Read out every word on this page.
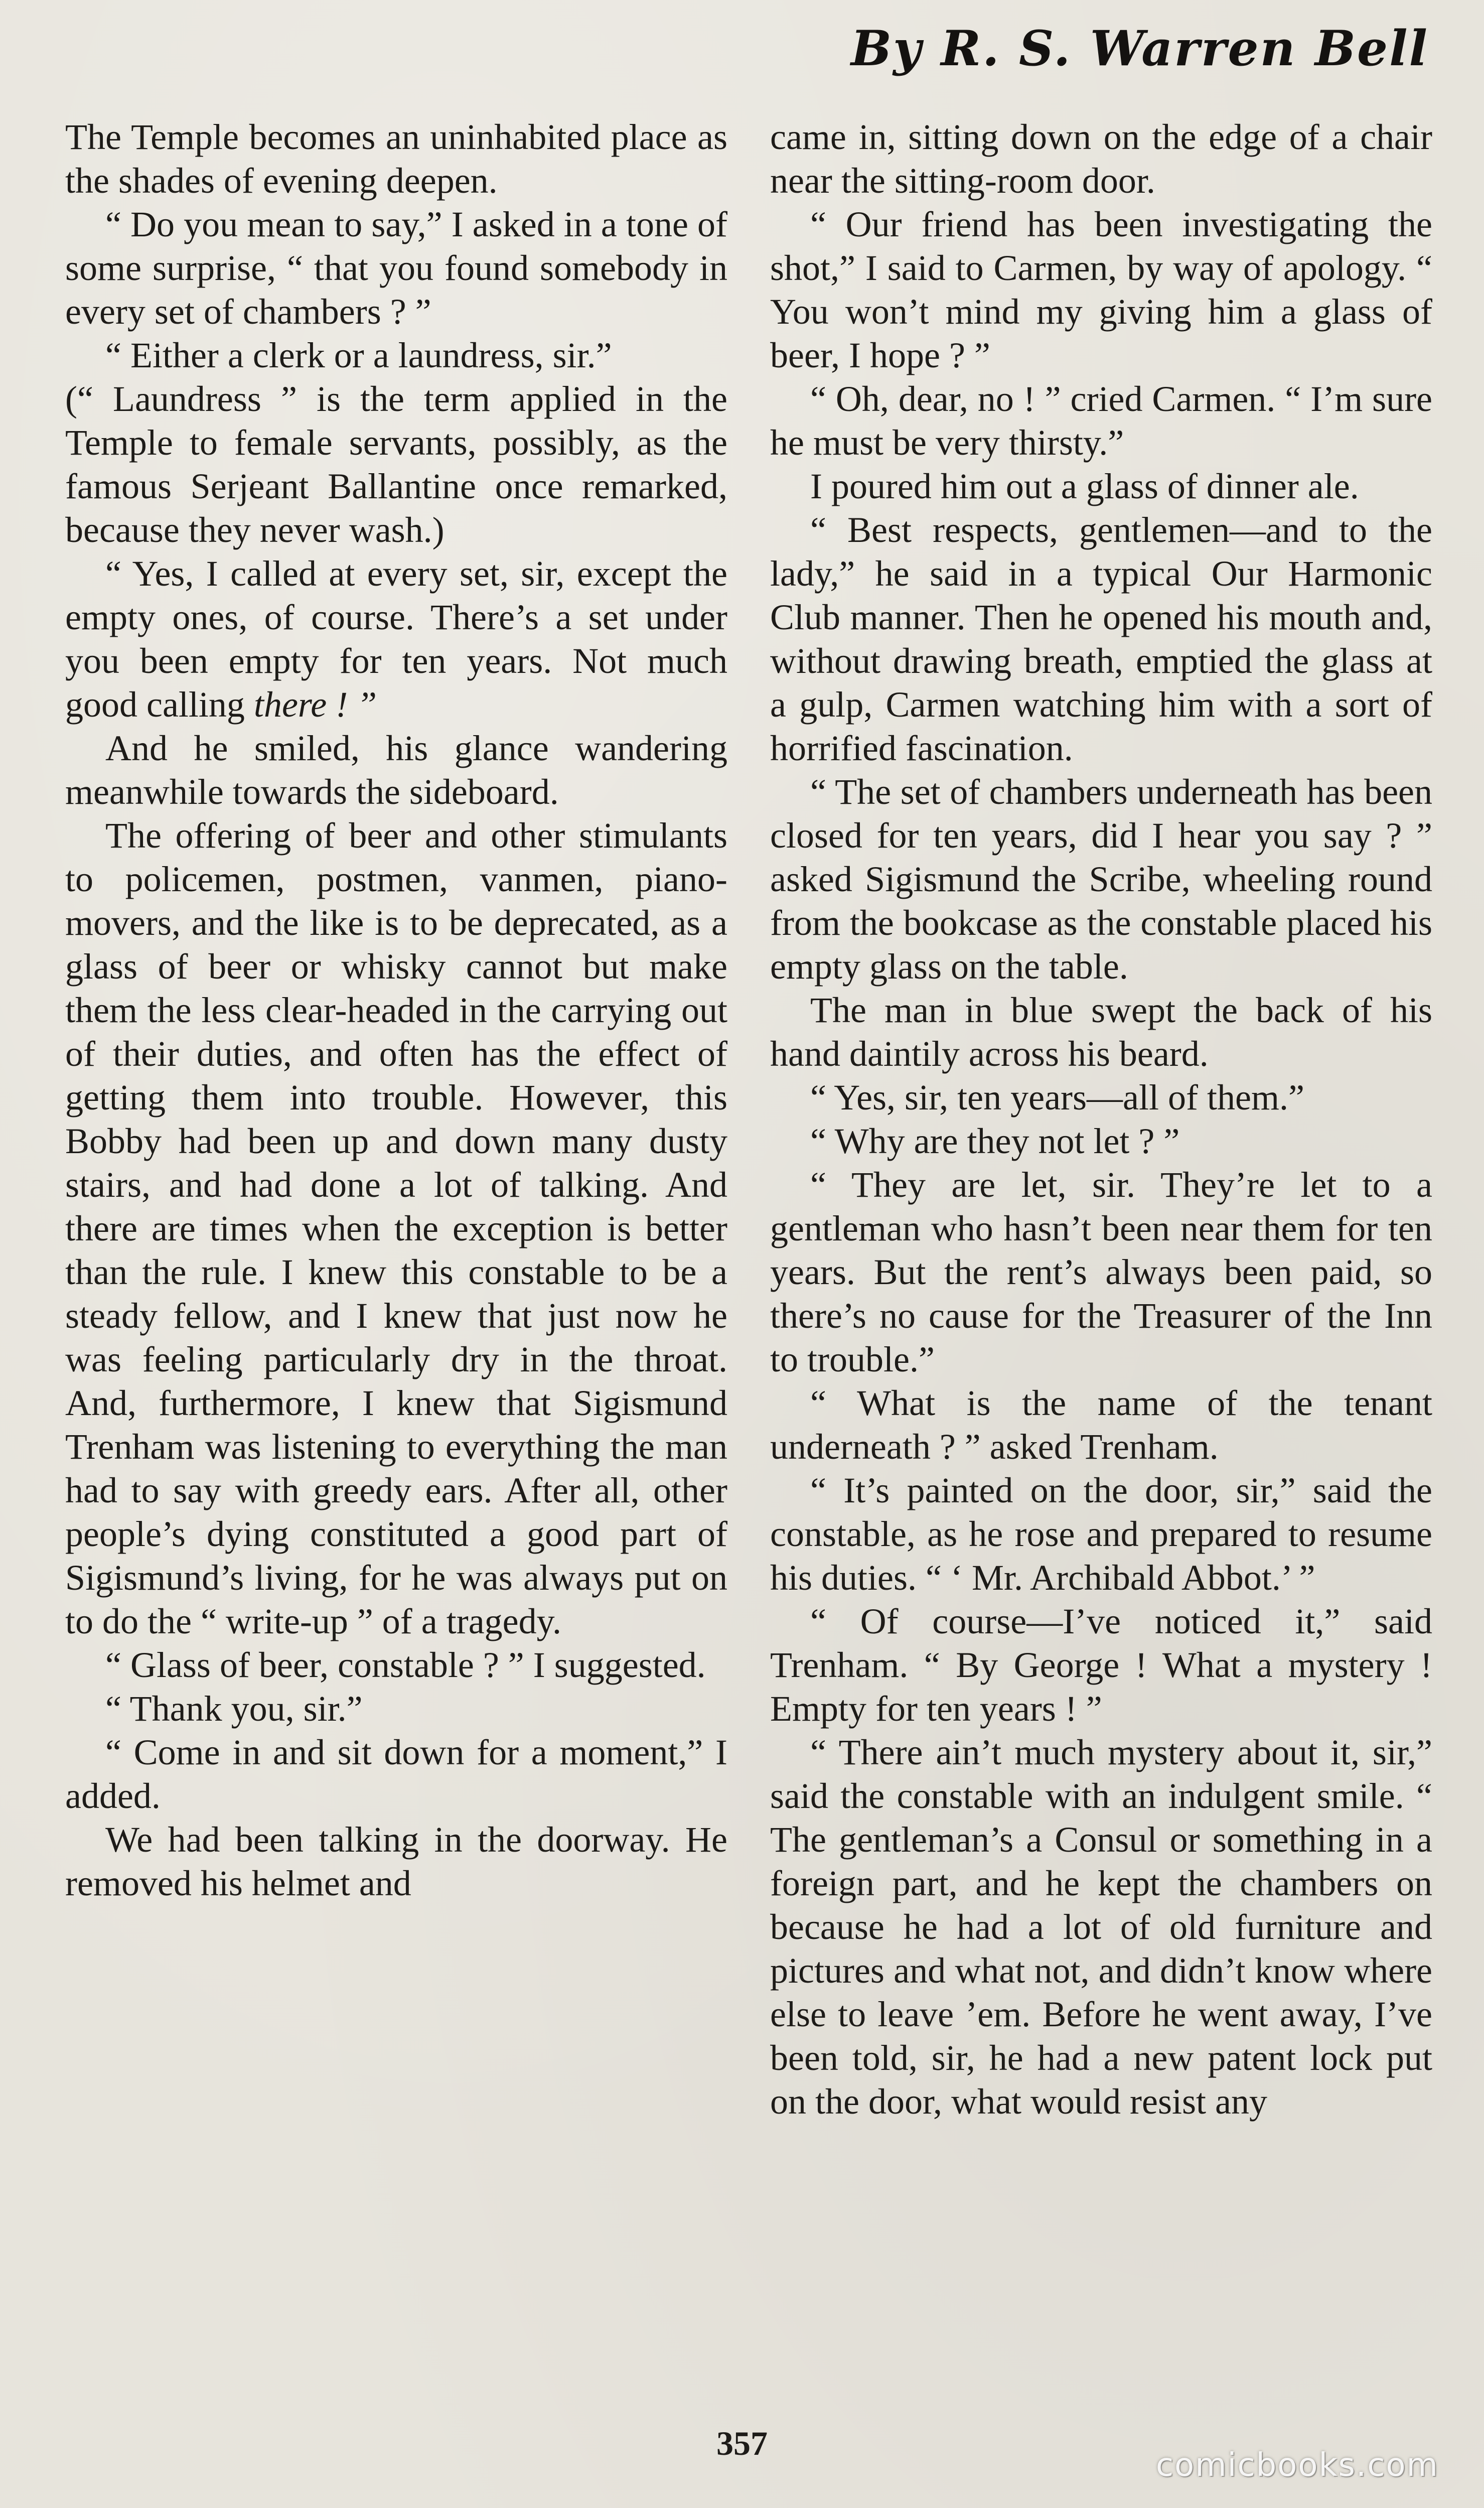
By R. S. Warren Bell

The Temple becomes an uninhabited place as the shades of evening deepen.

“ Do you mean to say,” I asked in a tone of some surprise, “ that you found somebody in every set of chambers ? ”

“ Either a clerk or a laundress, sir.”

(“ Laundress ” is the term applied in the Temple to female servants, possibly, as the famous Serjeant Ballantine once remarked, because they never wash.)

“ Yes, I called at every set, sir, except the empty ones, of course. There’s a set under you been empty for ten years. Not much good calling there ! ”

And he smiled, his glance wandering meanwhile towards the sideboard.

The offering of beer and other stimulants to policemen, postmen, vanmen, piano-movers, and the like is to be deprecated, as a glass of beer or whisky cannot but make them the less clear-headed in the carrying out of their duties, and often has the effect of getting them into trouble. However, this Bobby had been up and down many dusty stairs, and had done a lot of talking. And there are times when the exception is better than the rule. I knew this constable to be a steady fellow, and I knew that just now he was feeling particularly dry in the throat. And, furthermore, I knew that Sigismund Trenham was listening to everything the man had to say with greedy ears. After all, other people’s dying constituted a good part of Sigismund’s living, for he was always put on to do the “ write-up ” of a tragedy.

“ Glass of beer, constable ? ” I suggested.

“ Thank you, sir.”

“ Come in and sit down for a moment,” I added.

We had been talking in the doorway. He removed his helmet and

came in, sitting down on the edge of a chair near the sitting-room door.

“ Our friend has been investigating the shot,” I said to Carmen, by way of apology. “ You won’t mind my giving him a glass of beer, I hope ? ”

“ Oh, dear, no ! ” cried Carmen. “ I’m sure he must be very thirsty.”

I poured him out a glass of dinner ale.

“ Best respects, gentlemen—and to the lady,” he said in a typical Our Harmonic Club manner. Then he opened his mouth and, without drawing breath, emptied the glass at a gulp, Carmen watching him with a sort of horrified fascination.

“ The set of chambers underneath has been closed for ten years, did I hear you say ? ” asked Sigismund the Scribe, wheeling round from the bookcase as the constable placed his empty glass on the table.

The man in blue swept the back of his hand daintily across his beard.

“ Yes, sir, ten years—all of them.”

“ Why are they not let ? ”

“ They are let, sir. They’re let to a gentleman who hasn’t been near them for ten years. But the rent’s always been paid, so there’s no cause for the Treasurer of the Inn to trouble.”

“ What is the name of the tenant underneath ? ” asked Trenham.

“ It’s painted on the door, sir,” said the constable, as he rose and prepared to resume his duties. “ ‘ Mr. Archibald Abbot.’ ”

“ Of course—I’ve noticed it,” said Trenham. “ By George ! What a mystery ! Empty for ten years ! ”

“ There ain’t much mystery about it, sir,” said the constable with an indulgent smile. “ The gentleman’s a Consul or something in a foreign part, and he kept the chambers on because he had a lot of old furniture and pictures and what not, and didn’t know where else to leave ’em. Before he went away, I’ve been told, sir, he had a new patent lock put on the door, what would resist any

357
comicbooks.com
